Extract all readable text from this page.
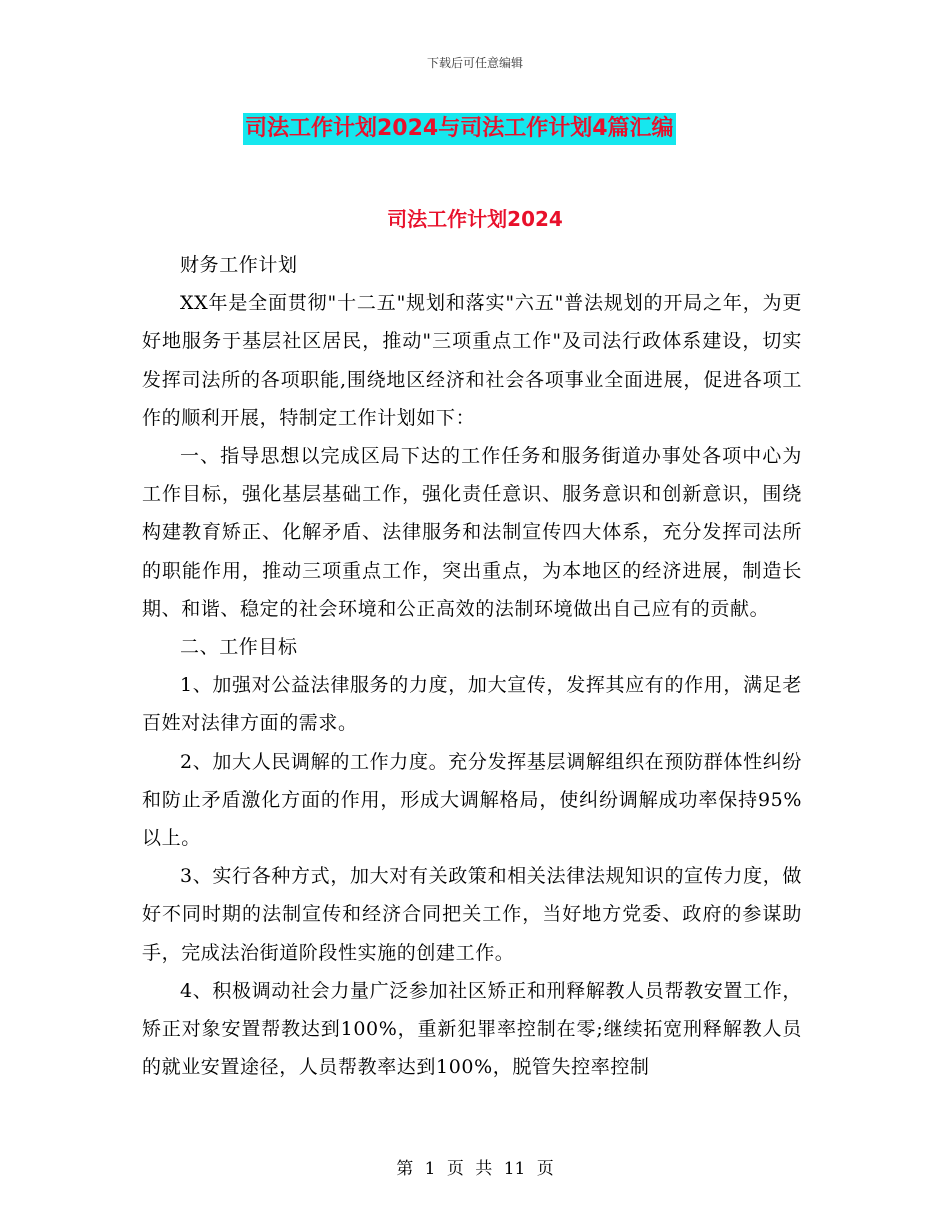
下载后可任意编辑
司法工作计划2024与司法工作计划4篇汇编
司法工作计划2024

财务工作计划

XX年是全面贯彻"十二五"规划和落实"六五"普法规划的开局之年，为更好地服务于基层社区居民，推动"三项重点工作"及司法行政体系建设，切实发挥司法所的各项职能,围绕地区经济和社会各项事业全面进展，促进各项工作的顺利开展，特制定工作计划如下：

一、指导思想以完成区局下达的工作任务和服务街道办事处各项中心为工作目标，强化基层基础工作，强化责任意识、服务意识和创新意识，围绕构建教育矫正、化解矛盾、法律服务和法制宣传四大体系，充分发挥司法所的职能作用，推动三项重点工作，突出重点，为本地区的经济进展，制造长期、和谐、稳定的社会环境和公正高效的法制环境做出自己应有的贡献。

二、工作目标

1、加强对公益法律服务的力度，加大宣传，发挥其应有的作用，满足老百姓对法律方面的需求。

2、加大人民调解的工作力度。充分发挥基层调解组织在预防群体性纠纷和防止矛盾激化方面的作用，形成大调解格局，使纠纷调解成功率保持95%以上。

3、实行各种方式，加大对有关政策和相关法律法规知识的宣传力度，做好不同时期的法制宣传和经济合同把关工作，当好地方党委、政府的参谋助手，完成法治街道阶段性实施的创建工作。

4、积极调动社会力量广泛参加社区矫正和刑释解教人员帮教安置工作，矫正对象安置帮教达到100%，重新犯罪率控制在零;继续拓宽刑释解教人员的就业安置途径，人员帮教率达到100%，脱管失控率控制

第 1 页 共 11 页
